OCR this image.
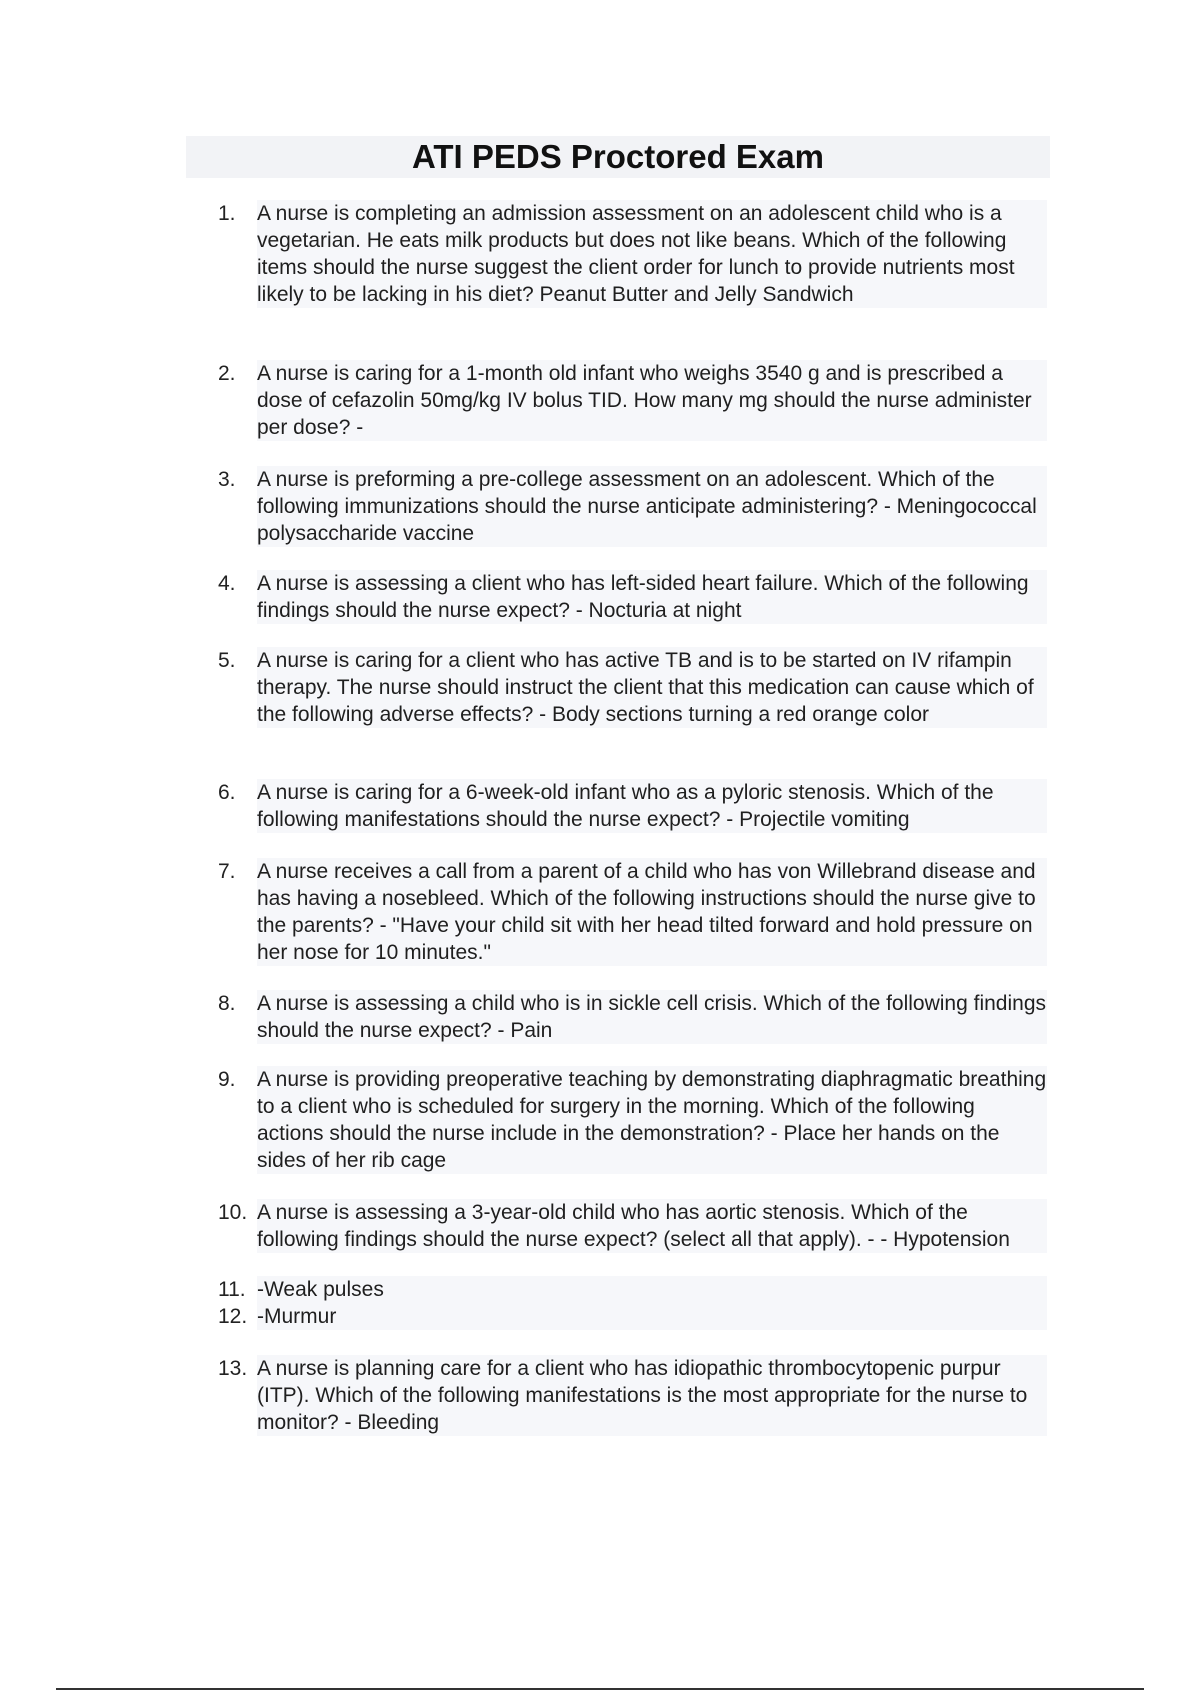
ATI PEDS Proctored Exam
1.	A nurse is completing an admission assessment on an adolescent child who is a vegetarian. He eats milk products but does not like beans. Which of the following items should the nurse suggest the client order for lunch to provide nutrients most likely to be lacking in his diet? Peanut Butter and Jelly Sandwich

2.	A nurse is caring for a 1-month old infant who weighs 3540 g and is prescribed a dose of cefazolin 50mg/kg IV bolus TID. How many mg should the nurse administer per dose? -

3.	A nurse is preforming a pre-college assessment on an adolescent. Which of the following immunizations should the nurse anticipate administering? - Meningococcal polysaccharide vaccine

4.	A nurse is assessing a client who has left-sided heart failure. Which of the following findings should the nurse expect? - Nocturia at night

5.	A nurse is caring for a client who has active TB and is to be started on IV rifampin therapy. The nurse should instruct the client that this medication can cause which of the following adverse effects? - Body sections turning a red orange color

6.	A nurse is caring for a 6-week-old infant who as a pyloric stenosis. Which of the following manifestations should the nurse expect? - Projectile vomiting

7.	A nurse receives a call from a parent of a child who has von Willebrand disease and has having a nosebleed. Which of the following instructions should the nurse give to the parents? - "Have your child sit with her head tilted forward and hold pressure on her nose for 10 minutes."

8.	A nurse is assessing a child who is in sickle cell crisis. Which of the following findings should the nurse expect? - Pain

9.	A nurse is providing preoperative teaching by demonstrating diaphragmatic breathing to a client who is scheduled for surgery in the morning. Which of the following actions should the nurse include in the demonstration? - Place her hands on the sides of her rib cage

10. A nurse is assessing a 3-year-old child who has aortic stenosis. Which of the following findings should the nurse expect? (select all that apply). - - Hypotension

11. -Weak pulses

12. -Murmur

13. A nurse is planning care for a client who has idiopathic thrombocytopenic purpur (ITP). Which of the following manifestations is the most appropriate for the nurse to monitor? - Bleeding
